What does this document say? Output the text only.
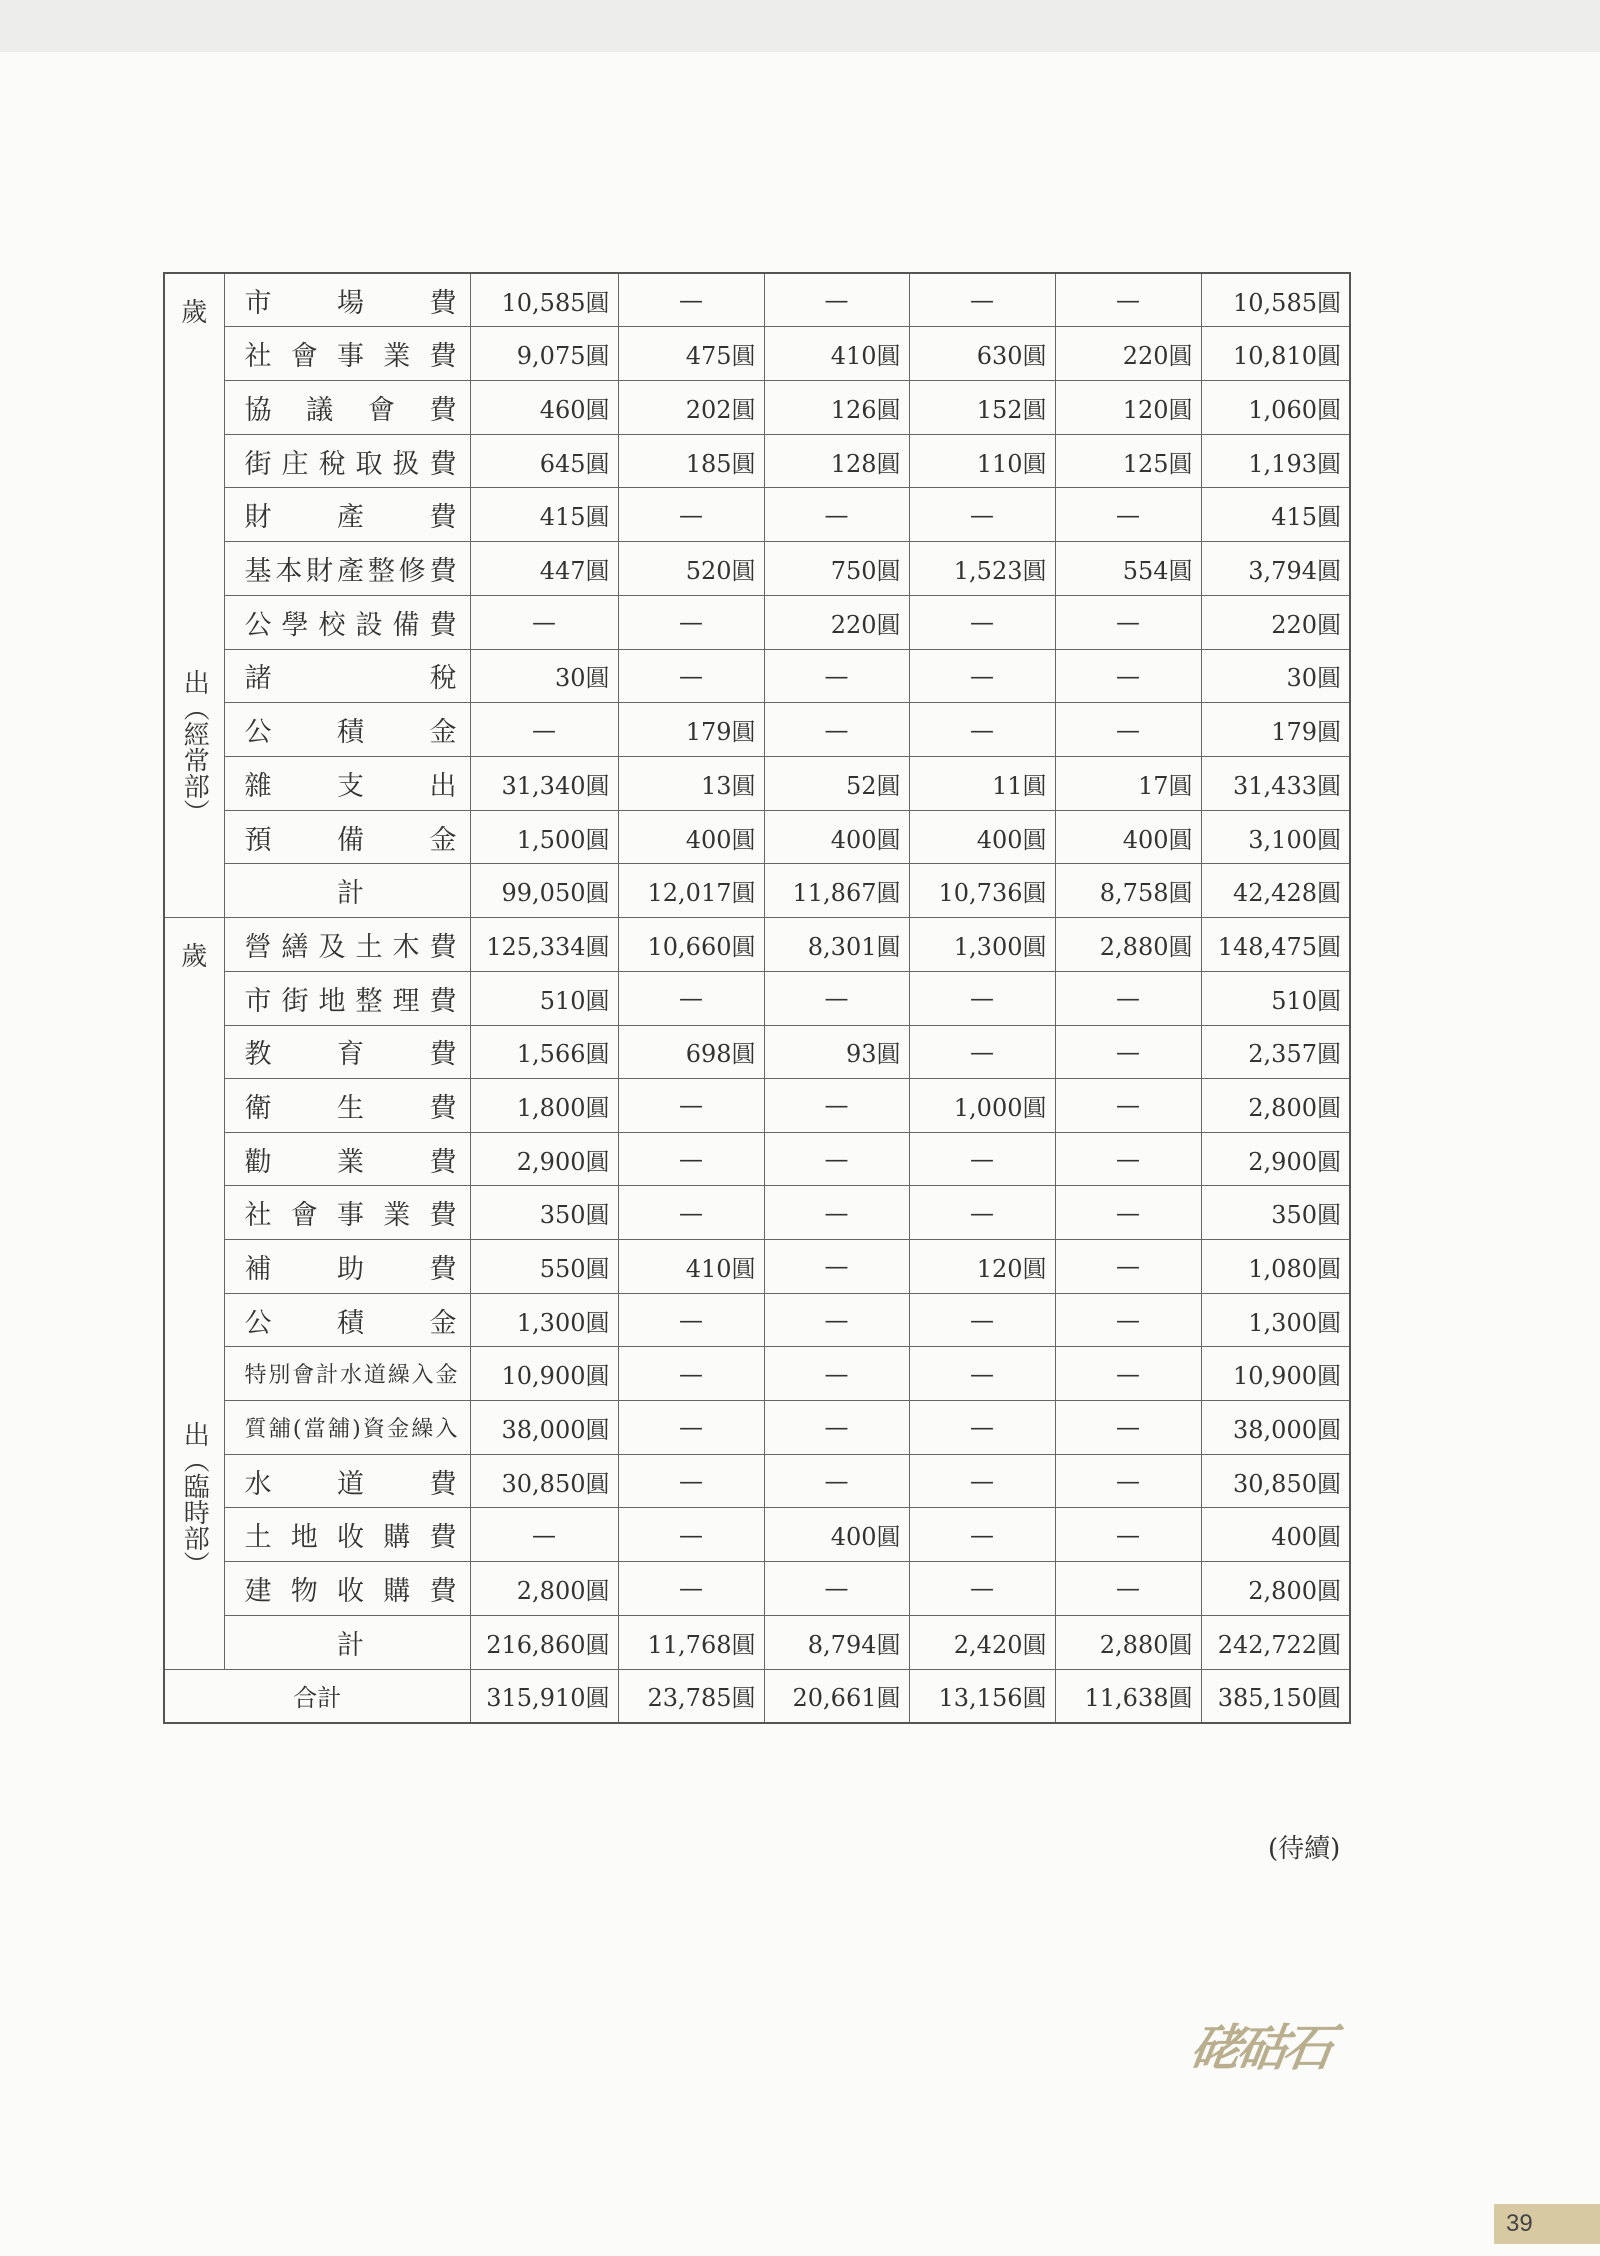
歲
出（經常部）	市　場　費	10,585圓	—	—	—	—	10,585圓

	社會事業費	9,075圓	475圓	410圓	630圓	220圓	10,810圓

	協　議　會　費	460圓	202圓	126圓	152圓	120圓	1,060圓

	街庄稅取扱費	645圓	185圓	128圓	110圓	125圓	1,193圓

	財　產　費	415圓	—	—	—	—	415圓

	基本財產整修費	447圓	520圓	750圓	1,523圓	554圓	3,794圓

	公學校設備費	—	—	220圓	—	—	220圓

	諸　稅	30圓	—	—	—	—	30圓

	公　積　金	—	179圓	—	—	—	179圓

	雜　支　出	31,340圓	13圓	52圓	11圓	17圓	31,433圓

	預　備　金	1,500圓	400圓	400圓	400圓	400圓	3,100圓

	計	99,050圓	12,017圓	11,867圓	10,736圓	8,758圓	42,428圓

歲
出（臨時部）	營繕及土木費	125,334圓	10,660圓	8,301圓	1,300圓	2,880圓	148,475圓

	市街地整理費	510圓	—	—	—	—	510圓

	教　育　費	1,566圓	698圓	93圓	—	—	2,357圓

	衛　生　費	1,800圓	—	—	1,000圓	—	2,800圓

	勸　業　費	2,900圓	—	—	—	—	2,900圓

	社會事業費	350圓	—	—	—	—	350圓

	補　助　費	550圓	410圓	—	120圓	—	1,080圓

	公　積　金	1,300圓	—	—	—	—	1,300圓

	特別會計水道繰入金	10,900圓	—	—	—	—	10,900圓

	質舖(當舖)資金繰入	38,000圓	—	—	—	—	38,000圓

	水　道　費	30,850圓	—	—	—	—	30,850圓

	土地收購費	—	—	400圓	—	—	400圓

	建物收購費	2,800圓	—	—	—	—	2,800圓

	計	216,860圓	11,768圓	8,794圓	2,420圓	2,880圓	242,722圓
合計		315,910圓	23,785圓	20,661圓	13,156圓	11,638圓	385,150圓
(待續)
硓𥑮石
39
